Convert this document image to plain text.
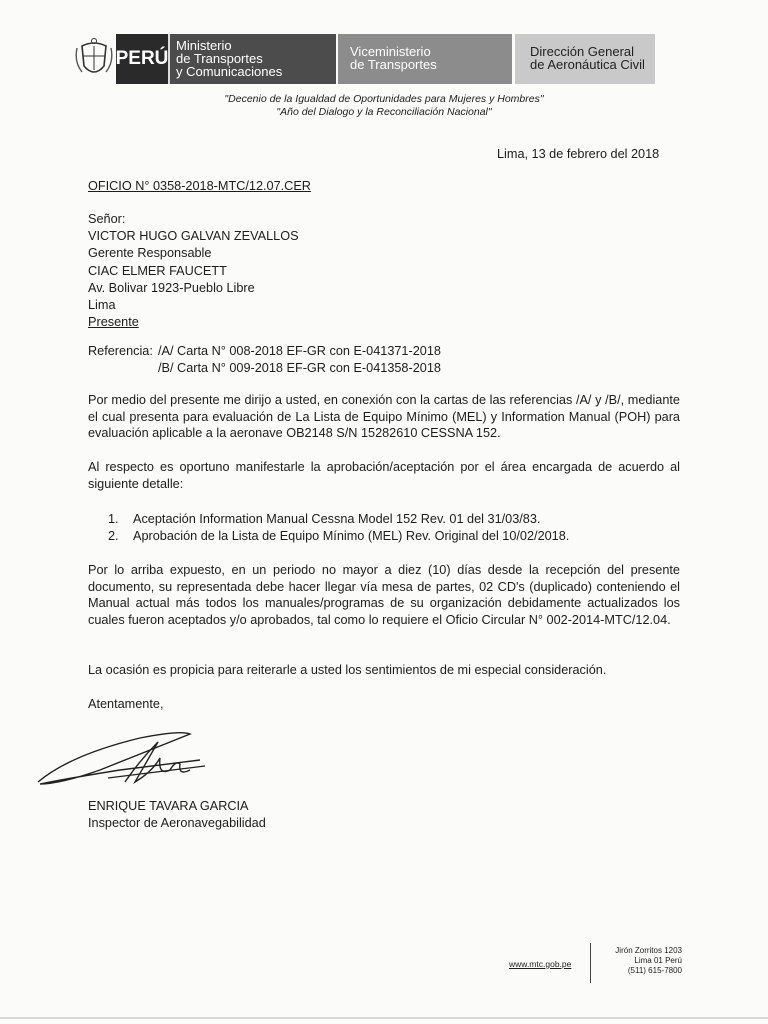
PERÚ
Ministerio
de Transportes
y Comunicaciones
Viceministerio
de Transportes
Dirección General
de Aeronáutica Civil
"Decenio de la Igualdad de Oportunidades para Mujeres y Hombres"
"Año del Dialogo y la Reconciliación Nacional"
Lima, 13 de febrero del 2018
OFICIO N° 0358-2018-MTC/12.07.CER
Señor:
VICTOR HUGO GALVAN ZEVALLOS
Gerente Responsable
CIAC ELMER FAUCETT
Av. Bolivar 1923-Pueblo Libre
Lima
Presente
Referencia: /A/ Carta N° 008-2018 EF-GR con E-041371-2018
/B/ Carta N° 009-2018 EF-GR con E-041358-2018
Por medio del presente me dirijo a usted, en conexión con la cartas de las referencias /A/ y /B/, mediante el cual presenta para evaluación de La Lista de Equipo Mínimo (MEL) y Information Manual (POH) para evaluación aplicable a la aeronave OB2148 S/N 15282610 CESSNA 152.
Al respecto es oportuno manifestarle la aprobación/aceptación por el área encargada de acuerdo al siguiente detalle:
1.	Aceptación Information Manual Cessna Model 152 Rev. 01 del 31/03/83.
2.	Aprobación de la Lista de Equipo Mínimo (MEL) Rev. Original del 10/02/2018.
Por lo arriba expuesto, en un periodo no mayor a diez (10) días desde la recepción del presente documento, su representada debe hacer llegar vía mesa de partes, 02 CD's (duplicado) conteniendo el Manual actual más todos los manuales/programas de su organización debidamente actualizados los cuales fueron aceptados y/o aprobados, tal como lo requiere el Oficio Circular N° 002-2014-MTC/12.04.
La ocasión es propicia para reiterarle a usted los sentimientos de mi especial consideración.
Atentamente,
ENRIQUE TAVARA GARCIA
Inspector de Aeronavegabilidad
www.mtc.gob.pe
Jirón Zorritos 1203
Lima 01 Perú
(511) 615-7800
